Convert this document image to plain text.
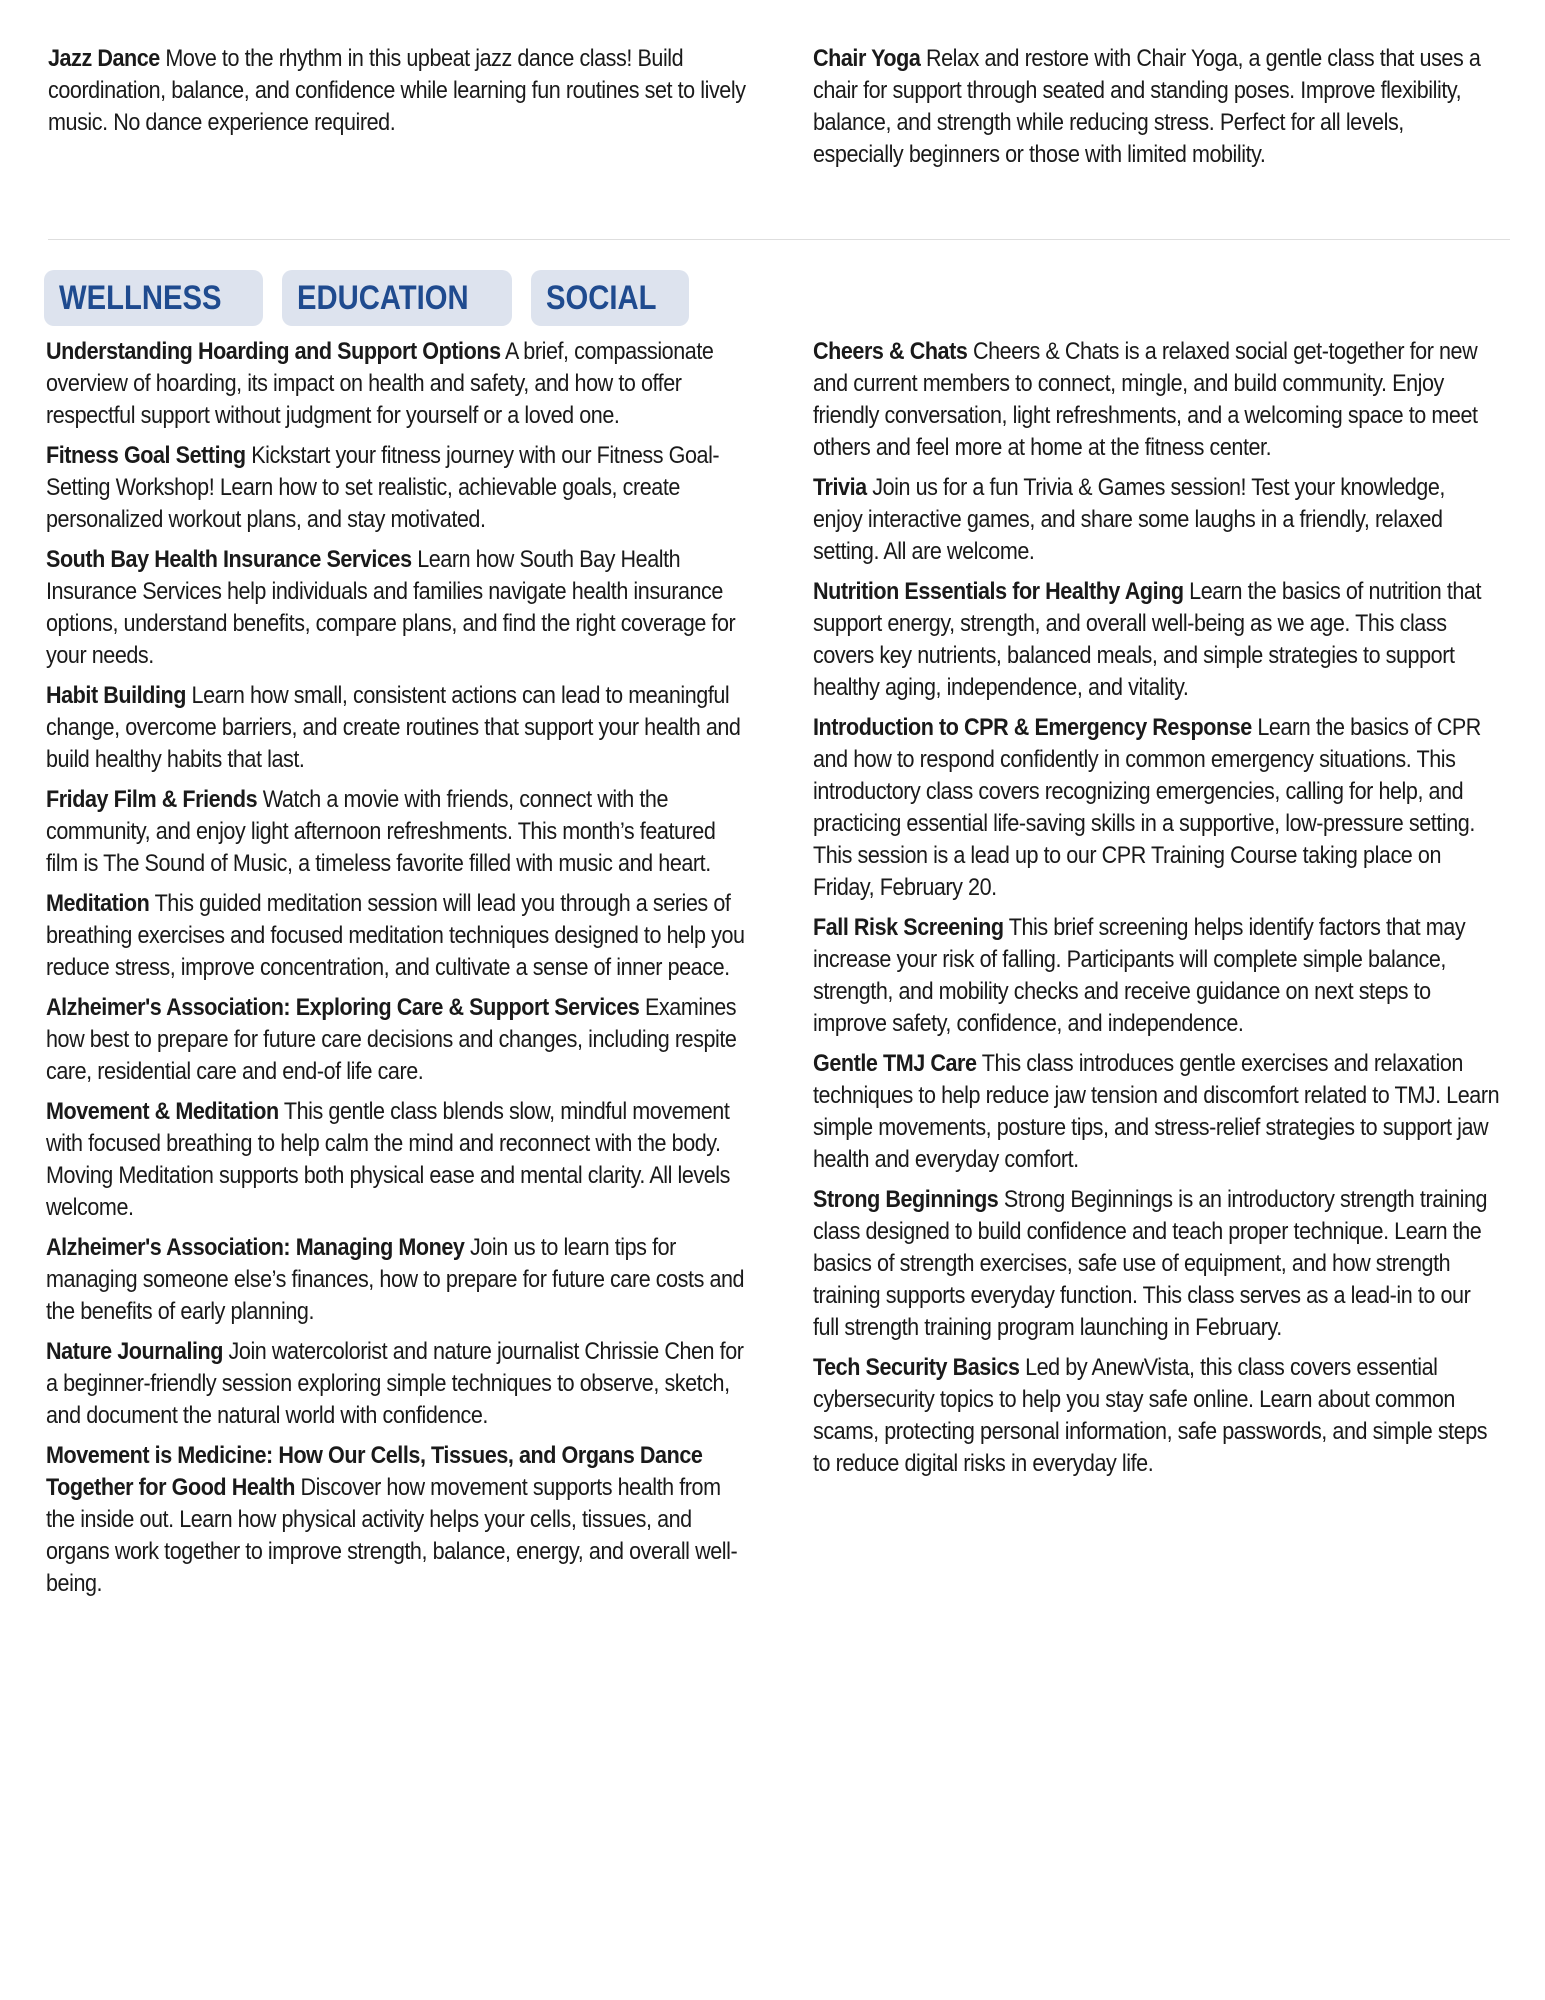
Jazz Dance Move to the rhythm in this upbeat jazz dance class! Build coordination, balance, and confidence while learning fun routines set to lively music. No dance experience required.

Chair Yoga Relax and restore with Chair Yoga, a gentle class that uses a chair for support through seated and standing poses. Improve flexibility, balance, and strength while reducing stress. Perfect for all levels, especially beginners or those with limited mobility.

WELLNESS	EDUCATION	SOCIAL

Understanding Hoarding and Support Options A brief, compassionate overview of hoarding, its impact on health and safety, and how to offer respectful support without judgment for yourself or a loved one.

Fitness Goal Setting Kickstart your fitness journey with our Fitness Goal-Setting Workshop! Learn how to set realistic, achievable goals, create personalized workout plans, and stay motivated.

South Bay Health Insurance Services Learn how South Bay Health Insurance Services help individuals and families navigate health insurance options, understand benefits, compare plans, and find the right coverage for your needs.

Habit Building Learn how small, consistent actions can lead to meaningful change, overcome barriers, and create routines that support your health and build healthy habits that last.

Friday Film & Friends Watch a movie with friends, connect with the community, and enjoy light afternoon refreshments. This month’s featured film is The Sound of Music, a timeless favorite filled with music and heart.

Meditation This guided meditation session will lead you through a series of breathing exercises and focused meditation techniques designed to help you reduce stress, improve concentration, and cultivate a sense of inner peace.

Alzheimer's Association: Exploring Care & Support Services Examines how best to prepare for future care decisions and changes, including respite care, residential care and end-of life care.

Movement & Meditation This gentle class blends slow, mindful movement with focused breathing to help calm the mind and reconnect with the body. Moving Meditation supports both physical ease and mental clarity. All levels welcome.

Alzheimer's Association: Managing Money Join us to learn tips for managing someone else’s finances, how to prepare for future care costs and the benefits of early planning.

Nature Journaling Join watercolorist and nature journalist Chrissie Chen for a beginner-friendly session exploring simple techniques to observe, sketch, and document the natural world with confidence.

Movement is Medicine: How Our Cells, Tissues, and Organs Dance Together for Good Health Discover how movement supports health from the inside out. Learn how physical activity helps your cells, tissues, and organs work together to improve strength, balance, energy, and overall well-being.

Cheers & Chats Cheers & Chats is a relaxed social get-together for new and current members to connect, mingle, and build community. Enjoy friendly conversation, light refreshments, and a welcoming space to meet others and feel more at home at the fitness center.

Trivia Join us for a fun Trivia & Games session! Test your knowledge, enjoy interactive games, and share some laughs in a friendly, relaxed setting. All are welcome.

Nutrition Essentials for Healthy Aging Learn the basics of nutrition that support energy, strength, and overall well-being as we age. This class covers key nutrients, balanced meals, and simple strategies to support healthy aging, independence, and vitality.

Introduction to CPR & Emergency Response Learn the basics of CPR and how to respond confidently in common emergency situations. This introductory class covers recognizing emergencies, calling for help, and practicing essential life-saving skills in a supportive, low-pressure setting. This session is a lead up to our CPR Training Course taking place on Friday, February 20.

Fall Risk Screening This brief screening helps identify factors that may increase your risk of falling. Participants will complete simple balance, strength, and mobility checks and receive guidance on next steps to improve safety, confidence, and independence.

Gentle TMJ Care This class introduces gentle exercises and relaxation techniques to help reduce jaw tension and discomfort related to TMJ. Learn simple movements, posture tips, and stress-relief strategies to support jaw health and everyday comfort.

Strong Beginnings Strong Beginnings is an introductory strength training class designed to build confidence and teach proper technique. Learn the basics of strength exercises, safe use of equipment, and how strength training supports everyday function. This class serves as a lead-in to our full strength training program launching in February.

Tech Security Basics Led by AnewVista, this class covers essential cybersecurity topics to help you stay safe online. Learn about common scams, protecting personal information, safe passwords, and simple steps to reduce digital risks in everyday life.
